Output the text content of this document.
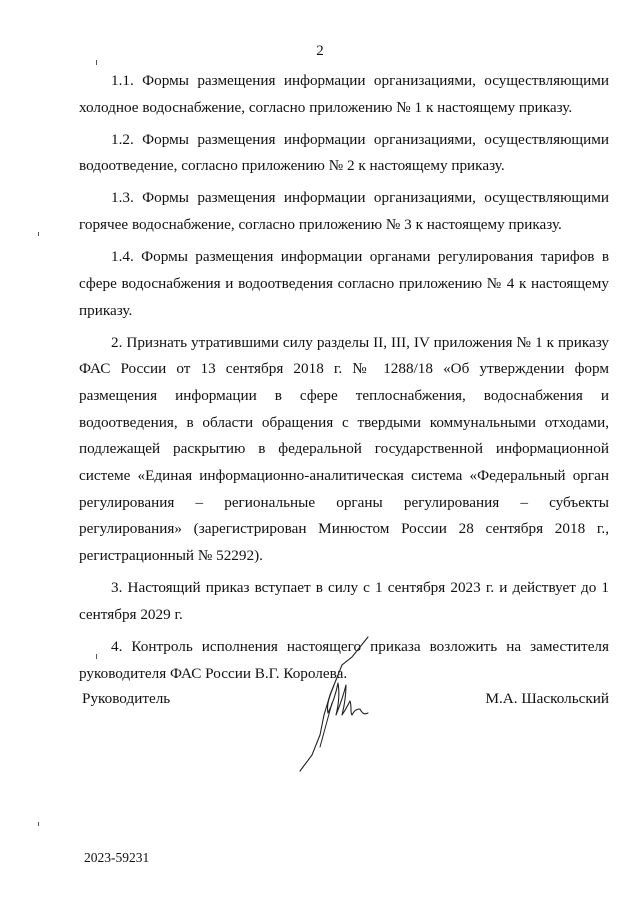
2

1.1. Формы размещения информации организациями, осуществляющими холодное водоснабжение, согласно приложению № 1 к настоящему приказу.

1.2. Формы размещения информации организациями, осуществляющими водоотведение, согласно приложению № 2 к настоящему приказу.

1.3. Формы размещения информации организациями, осуществляющими горячее водоснабжение, согласно приложению № 3 к настоящему приказу.

1.4. Формы размещения информации органами регулирования тарифов в сфере водоснабжения и водоотведения согласно приложению № 4 к настоящему приказу.

2. Признать утратившими силу разделы II, III, IV приложения № 1 к приказу ФАС России от 13 сентября 2018 г. № 1288/18 «Об утверждении форм размещения информации в сфере теплоснабжения, водоснабжения и водоотведения, в области обращения с твердыми коммунальными отходами, подлежащей раскрытию в федеральной государственной информационной системе «Единая информационно-аналитическая система «Федеральный орган регулирования – региональные органы регулирования – субъекты регулирования» (зарегистрирован Минюстом России 28 сентября 2018 г., регистрационный № 52292).

3. Настоящий приказ вступает в силу с 1 сентября 2023 г. и действует до 1 сентября 2029 г.

4. Контроль исполнения настоящего приказа возложить на заместителя руководителя ФАС России В.Г. Королева.

Руководитель	М.А. Шаскольский
2023-59231
